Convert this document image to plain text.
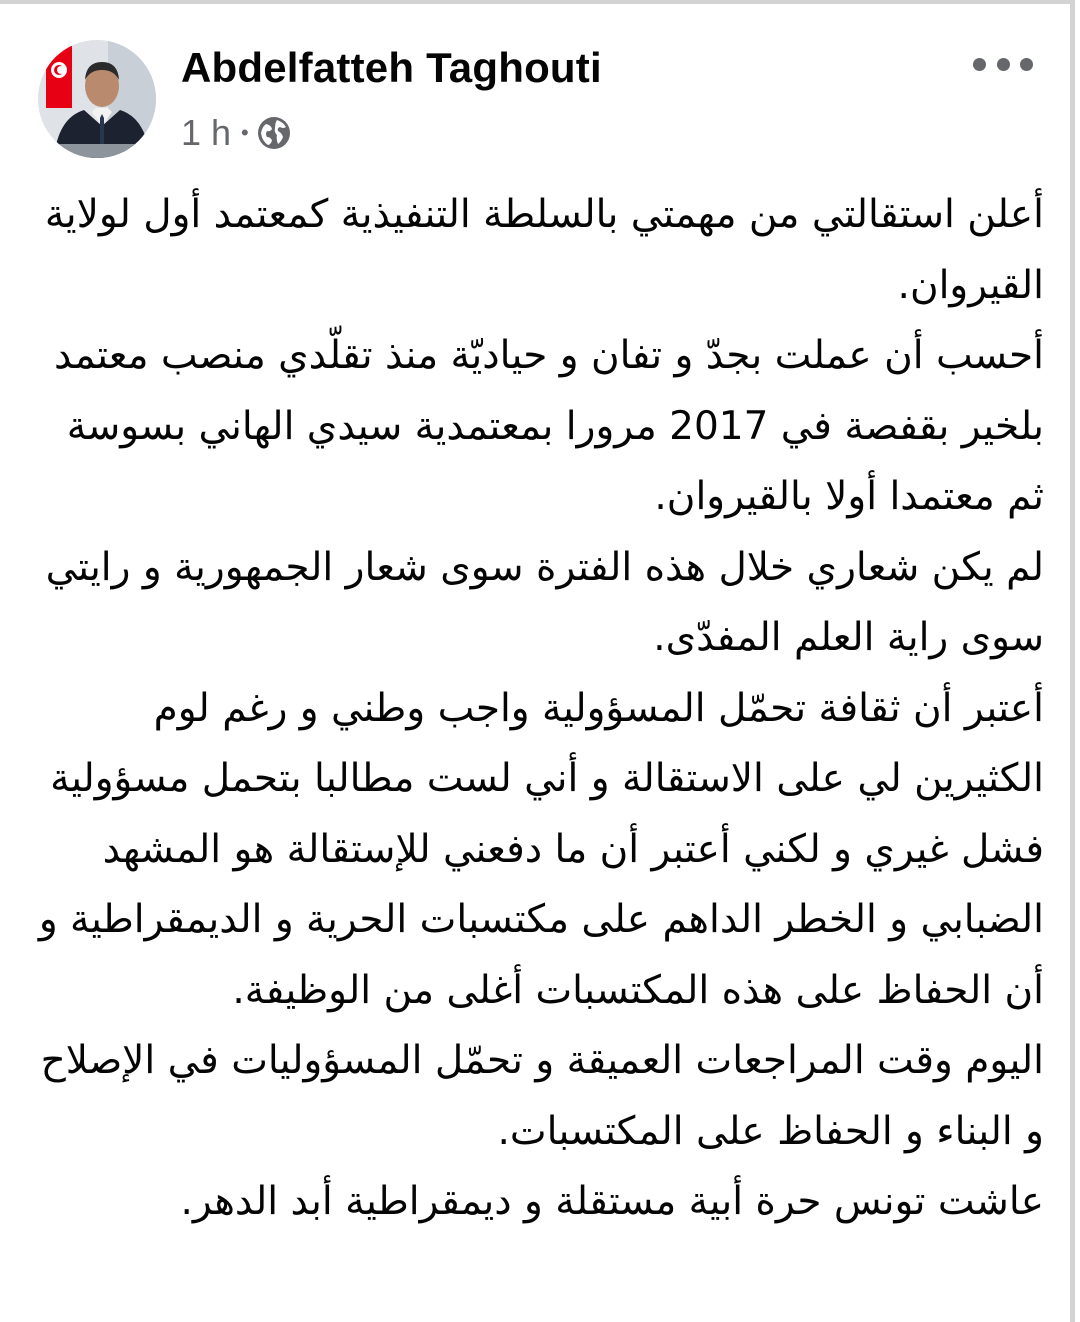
Abdelfatteh Taghouti
1 h •

أعلن استقالتي من مهمتي بالسلطة التنفيذية كمعتمد أول لولاية القيروان.

أحسب أن عملت بجدّ و تفان و حياديّة منذ تقلّدي منصب معتمد بلخير بقفصة في 2017 مرورا بمعتمدية سيدي الهاني بسوسة ثم معتمدا أولا بالقيروان.

لم يكن شعاري خلال هذه الفترة سوى شعار الجمهورية و رايتي سوى راية العلم المفدّى.

أعتبر أن ثقافة تحمّل المسؤولية واجب وطني و رغم لوم الكثيرين لي على الاستقالة و أني لست مطالبا بتحمل مسؤولية فشل غيري و لكني أعتبر أن ما دفعني للإستقالة هو المشهد الضبابي و الخطر الداهم على مكتسبات الحرية و الديمقراطية و أن الحفاظ على هذه المكتسبات أغلى من الوظيفة.

اليوم وقت المراجعات العميقة و تحمّل المسؤوليات في الإصلاح و البناء و الحفاظ على المكتسبات.

عاشت تونس حرة أبية مستقلة و ديمقراطية أبد الدهر.
